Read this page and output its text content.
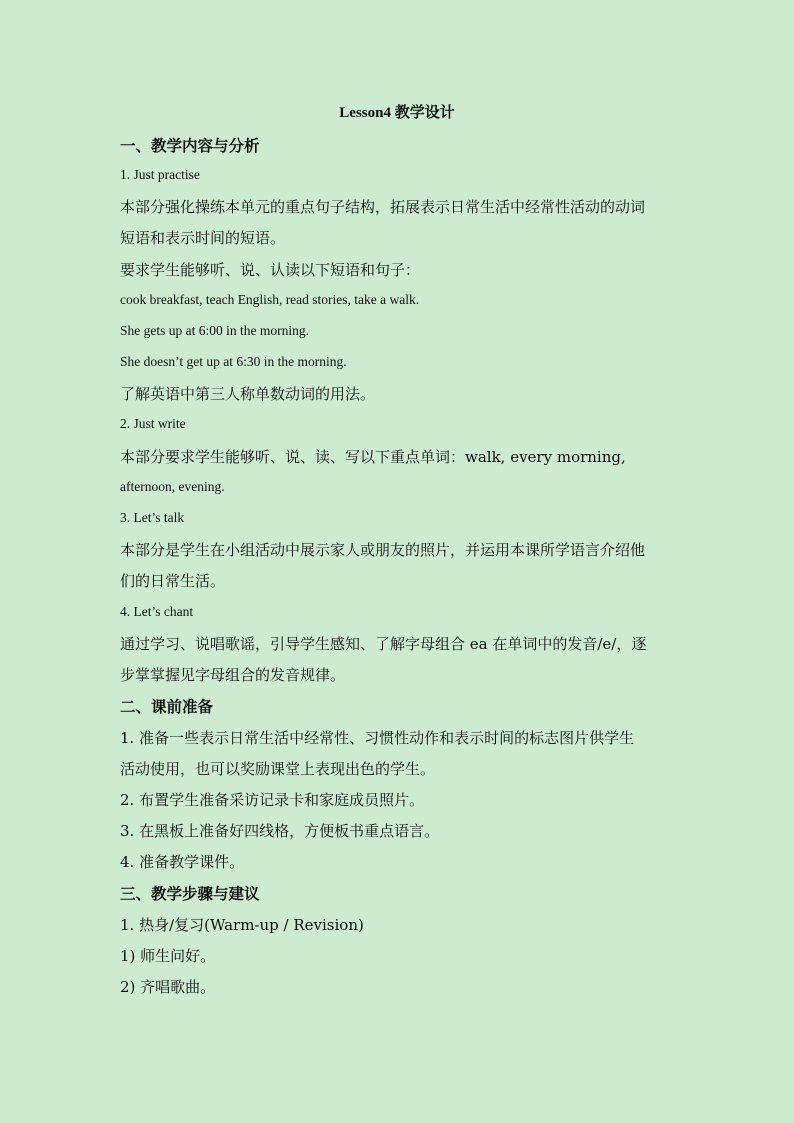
Lesson4 教学设计
一、教学内容与分析
1. Just practise
本部分强化操练本单元的重点句子结构，拓展表示日常生活中经常性活动的动词
短语和表示时间的短语。
要求学生能够听、说、认读以下短语和句子：
cook breakfast, teach English, read stories, take a walk.
She gets up at 6:00 in the morning.
She doesn’t get up at 6:30 in the morning.
了解英语中第三人称单数动词的用法。
2. Just write
本部分要求学生能够听、说、读、写以下重点单词：walk, every morning,
afternoon, evening.
3. Let’s talk
本部分是学生在小组活动中展示家人或朋友的照片，并运用本课所学语言介绍他
们的日常生活。
4. Let’s chant
通过学习、说唱歌谣，引导学生感知、了解字母组合 ea 在单词中的发音/e/，逐
步掌掌握见字母组合的发音规律。
二、课前准备
1. 准备一些表示日常生活中经常性、习惯性动作和表示时间的标志图片供学生
活动使用，也可以奖励课堂上表现出色的学生。
2. 布置学生准备采访记录卡和家庭成员照片。
3. 在黑板上准备好四线格，方便板书重点语言。
4. 准备教学课件。
三、教学步骤与建议
1. 热身/复习(Warm-up / Revision)
1) 师生问好。
2) 齐唱歌曲。
